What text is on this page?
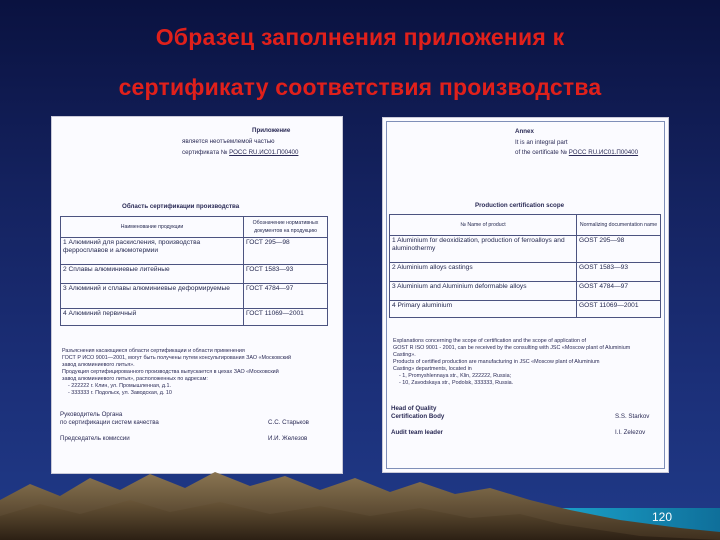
Образец заполнения приложения к
сертификату соответствия производства
Приложение
является неотъемлемой частью
сертификата № РОСС RU.ИС01.П00400
Область сертификации производства
Наименование продукции	Обозначение нормативных документов на продукцию
1 Алюминий для раскисления, производства ферросплавов и алюмотермии	ГОСТ 295—98
2 Сплавы алюминиевые литейные	ГОСТ 1583—93
3 Алюминий и сплавы алюминиевые деформируемые	ГОСТ 4784—97
4 Алюминий первичный	ГОСТ 11069—2001
Разъяснения касающиеся области сертификации и области применения
ГОСТ Р ИСО 9001—2001, могут быть получены путем консультирования ЗАО «Московский
завод алюминиевого литья».
Продукция сертифицированного производства выпускается в цехах ЗАО «Московский
завод алюминиевого литья», расположенных по адресам:
- 222222 г. Клин, ул. Промышленная, д.1.
- 333333 г. Подольск, ул. Заводская, д. 10
Руководитель Органа
по сертификации систем качества	С.С. Старьков
Председатель комиссии	И.И. Железов
Annex
It is an integral part
of the certificate № РОСС RU.ИС01.П00400
Production certification scope
№ Name of product	Normalizing documentation name
1 Aluminium for deoxidization, production of ferroalloys and aluminothermy	GOST 295—98
2 Aluminium alloys castings	GOST 1583—93
3 Aluminium and Aluminium deformable alloys	GOST 4784—97
4 Primary aluminium	GOST 11069—2001
Explanations concerning the scope of certification and the scope of application of
GOST R ISO 9001 - 2001, can be received by the consulting with JSC «Moscow plant of Aluminium
Casting».
Products of certified production are manufacturing in JSC «Moscow plant of Aluminium
Casting» departments, located in
- 1, Promyshlennaya str., Klin, 222222, Russia;
- 10, Zavodskaya str., Podolsk, 333333, Russia.
Head of Quality
Certification Body	S.S. Starkov
Audit team leader	I.I. Zelezov
120
